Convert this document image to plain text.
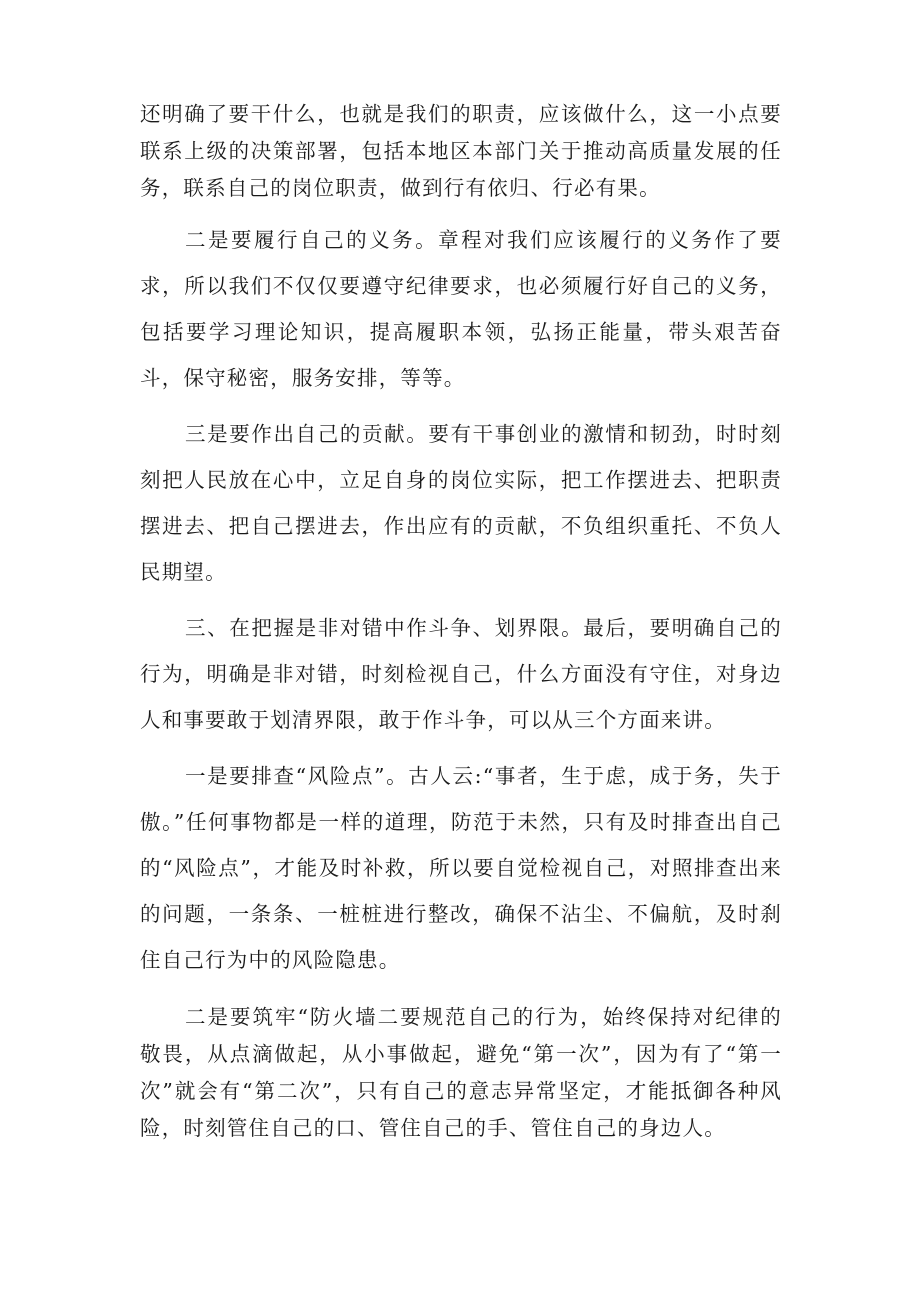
还明确了要干什么，也就是我们的职责，应该做什么，这一小点要联系上级的决策部署，包括本地区本部门关于推动高质量发展的任务，联系自己的岗位职责，做到行有依归、行必有果。

二是要履行自己的义务。章程对我们应该履行的义务作了要求，所以我们不仅仅要遵守纪律要求，也必须履行好自己的义务，包括要学习理论知识，提高履职本领，弘扬正能量，带头艰苦奋斗，保守秘密，服务安排，等等。

三是要作出自己的贡献。要有干事创业的激情和韧劲，时时刻刻把人民放在心中，立足自身的岗位实际，把工作摆进去、把职责摆进去、把自己摆进去，作出应有的贡献，不负组织重托、不负人民期望。

三、在把握是非对错中作斗争、划界限。最后，要明确自己的行为，明确是非对错，时刻检视自己，什么方面没有守住，对身边人和事要敢于划清界限，敢于作斗争，可以从三个方面来讲。

一是要排查“风险点”。古人云:“事者，生于虑，成于务，失于傲。”任何事物都是一样的道理，防范于未然，只有及时排查出自己的“风险点”，才能及时补救，所以要自觉检视自己，对照排查出来的问题，一条条、一桩桩进行整改，确保不沾尘、不偏航，及时刹住自己行为中的风险隐患。

二是要筑牢“防火墙二要规范自己的行为，始终保持对纪律的敬畏，从点滴做起，从小事做起，避免“第一次”，因为有了“第一次”就会有“第二次”，只有自己的意志异常坚定，才能抵御各种风险，时刻管住自己的口、管住自己的手、管住自己的身边人。
